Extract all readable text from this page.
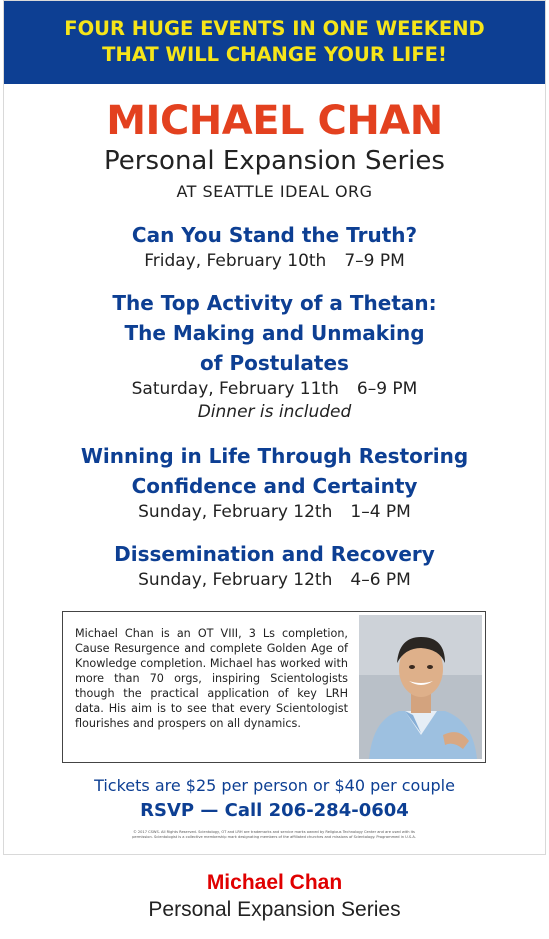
FOUR HUGE EVENTS IN ONE WEEKEND
THAT WILL CHANGE YOUR LIFE!
MICHAEL CHAN
Personal Expansion Series
AT SEATTLE IDEAL ORG
Can You Stand the Truth?
Friday, February 10th 7–9 PM
The Top Activity of a Thetan:
The Making and Unmaking
of Postulates
Saturday, February 11th 6–9 PM
Dinner is included
Winning in Life Through Restoring
Confidence and Certainty
Sunday, February 12th 1–4 PM
Dissemination and Recovery
Sunday, February 12th 4–6 PM
Michael Chan is an OT VIII, 3 Ls completion, Cause Resurgence and complete Golden Age of Knowledge completion. Michael has worked with more than 70 orgs, inspiring Scientologists though the practical application of key LRH data. His aim is to see that every Scientologist flourishes and prospers on all dynamics.
Tickets are $25 per person or $40 per couple
RSVP — Call 206-284-0604
© 2017 CSWS. All Rights Reserved. Scientology, OT and LRH are trademarks and service marks owned by Religious Technology Center and are used with its permission. Scientologist is a collective membership mark designating members of the affiliated churches and missions of Scientology. Programmed in U.S.A.
Michael Chan
Personal Expansion Series
